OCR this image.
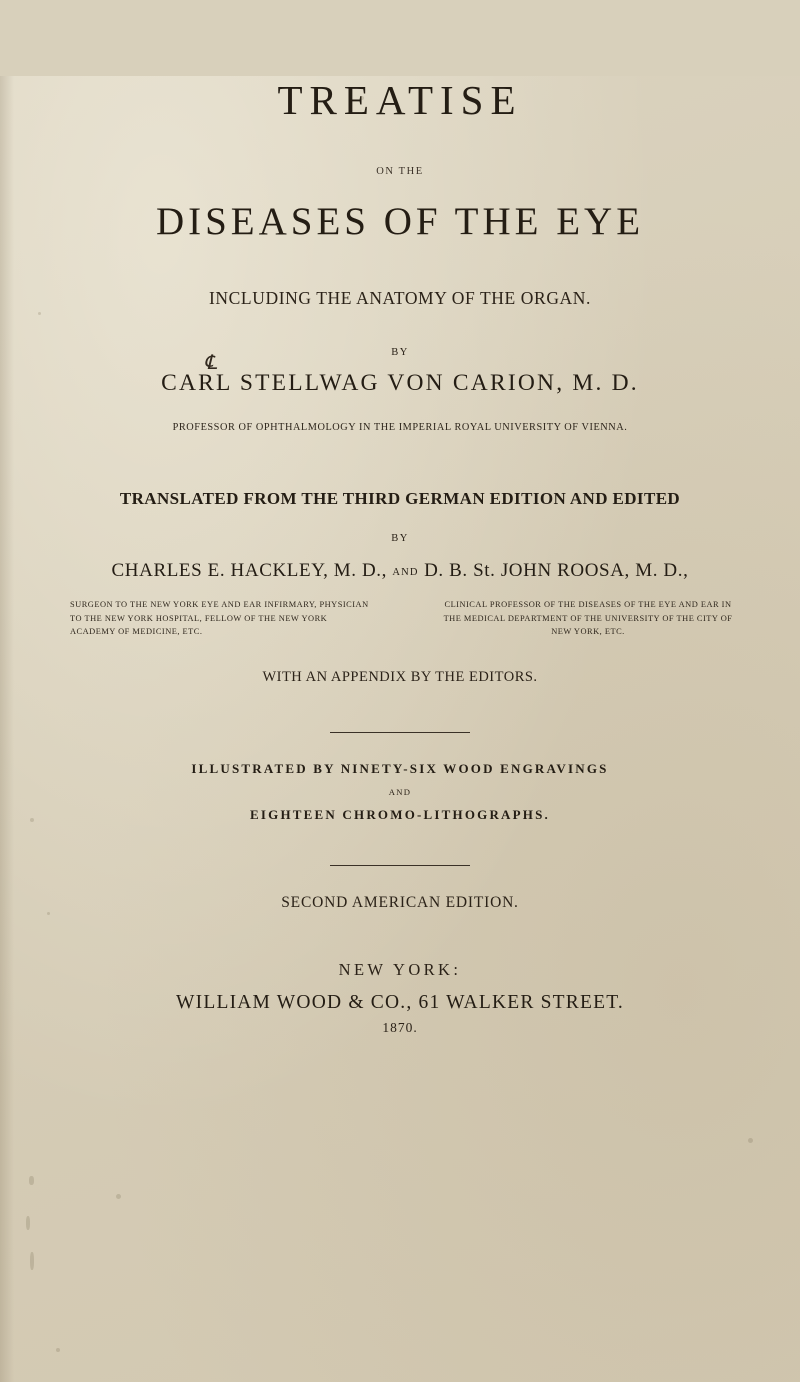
TREATISE
ON THE
DISEASES OF THE EYE
INCLUDING THE ANATOMY OF THE ORGAN.
BY
℄
CARL STELLWAG VON CARION, M. D.
PROFESSOR OF OPHTHALMOLOGY IN THE IMPERIAL ROYAL UNIVERSITY OF VIENNA.
TRANSLATED FROM THE THIRD GERMAN EDITION AND EDITED
BY
CHARLES E. HACKLEY, M. D., AND D. B. St. JOHN ROOSA, M. D.,
SURGEON TO THE NEW YORK EYE AND EAR INFIRMARY, PHYSICIAN TO THE NEW YORK HOSPITAL, FELLOW OF THE NEW YORK ACADEMY OF MEDICINE, ETC.
CLINICAL PROFESSOR OF THE DISEASES OF THE EYE AND EAR IN THE MEDICAL DEPARTMENT OF THE UNIVERSITY OF THE CITY OF NEW YORK, ETC.
WITH AN APPENDIX BY THE EDITORS.
ILLUSTRATED BY NINETY-SIX WOOD ENGRAVINGS
AND
EIGHTEEN CHROMO-LITHOGRAPHS.
SECOND AMERICAN EDITION.
NEW YORK:
WILLIAM WOOD & CO., 61 WALKER STREET.
1870.
